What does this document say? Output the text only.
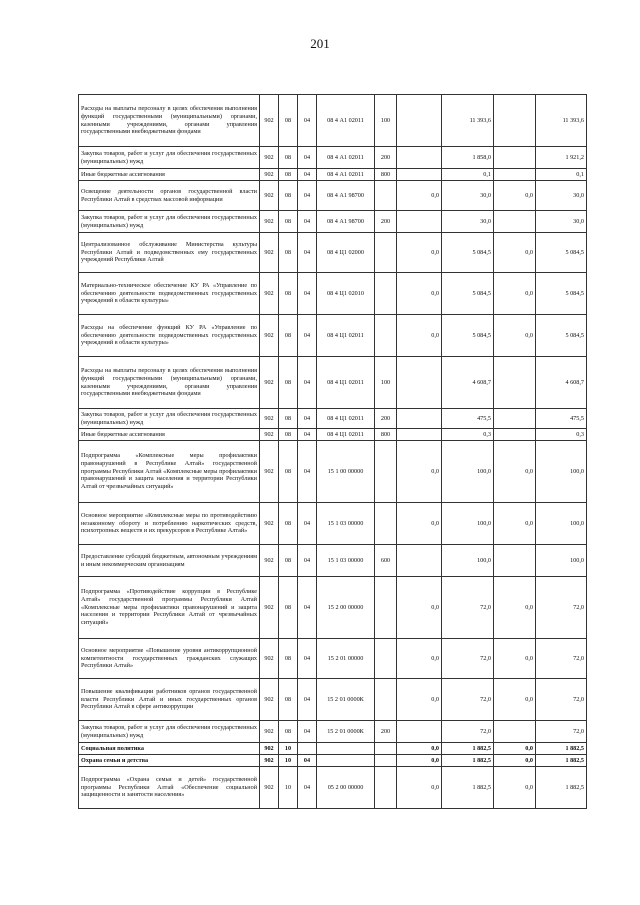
201
Расходы на выплаты персоналу в целях обеспечения выполнения функций государственными (муниципальными) органами, казенными учреждениями, органами управления государственными внебюджетными фондами	902	08	04	08 4 А1 02011	100		11 393,6		11 393,6
Закупка товаров, работ и услуг для обеспечения государственных (муниципальных) нужд	902	08	04	08 4 А1 02011	200		1 858,0		1 921,2
Иные бюджетные ассигнования	902	08	04	08 4 А1 02011	800		0,1		0,1
Освещение деятельности органов государственной власти Республики Алтай в средствах массовой информации	902	08	04	08 4 А1 98700		0,0	30,0	0,0	30,0
Закупка товаров, работ и услуг для обеспечения государственных (муниципальных) нужд	902	08	04	08 4 А1 98700	200		30,0		30,0
Централизованное обслуживание Министерства культуры Республики Алтай и подведомственных ему государственных учреждений Республики Алтай	902	08	04	08 4 Ц1 02000		0,0	5 084,5	0,0	5 084,5
Материально-техническое обеспечение КУ РА «Управление по обеспечению деятельности подведомственных государственных учреждений в области культуры»	902	08	04	08 4 Ц1 02010		0,0	5 084,5	0,0	5 084,5
Расходы на обеспечение функций КУ РА «Управление по обеспечению деятельности подведомственных государственных учреждений в области культуры»	902	08	04	08 4 Ц1 02011		0,0	5 084,5	0,0	5 084,5
Расходы на выплаты персоналу в целях обеспечения выполнения функций государственными (муниципальными) органами, казенными учреждениями, органами управления государственными внебюджетными фондами	902	08	04	08 4 Ц1 02011	100		4 608,7		4 608,7
Закупка товаров, работ и услуг для обеспечения государственных (муниципальных) нужд	902	08	04	08 4 Ц1 02011	200		475,5		475,5
Иные бюджетные ассигнования	902	08	04	08 4 Ц1 02011	800		0,3		0,3
Подпрограмма «Комплексные меры профилактики правонарушений в Республике Алтай» государственной программы Республики Алтай «Комплексные меры профилактики правонарушений и защита населения и территории Республики Алтай от чрезвычайных ситуаций»	902	08	04	15 1 00 00000		0,0	100,0	0,0	100,0
Основное мероприятие «Комплексные меры по противодействию незаконному обороту и потреблению наркотических средств, психотропных веществ и их прекурсоров в Республике Алтай»	902	08	04	15 1 03 00000		0,0	100,0	0,0	100,0
Предоставление субсидий бюджетным, автономным учреждениям и иным некоммерческим организациям	902	08	04	15 1 03 00000	600		100,0		100,0
Подпрограмма «Противодействие коррупции в Республике Алтай» государственной программы Республики Алтай «Комплексные меры профилактики правонарушений и защита населения и территории Республики Алтай от чрезвычайных ситуаций»	902	08	04	15 2 00 00000		0,0	72,0	0,0	72,0
Основное мероприятие «Повышение уровня антикоррупционной компетентности государственных гражданских служащих Республики Алтай»	902	08	04	15 2 01 00000		0,0	72,0	0,0	72,0
Повышение квалификации работников органов государственной власти Республики Алтай и иных государственных органов Республики Алтай в сфере антикоррупции	902	08	04	15 2 01 0000К		0,0	72,0	0,0	72,0
Закупка товаров, работ и услуг для обеспечения государственных (муниципальных) нужд	902	08	04	15 2 01 0000К	200		72,0		72,0
Социальная политика	902	10				0,0	1 882,5	0,0	1 882,5
Охрана семьи и детства	902	10	04			0,0	1 882,5	0,0	1 882,5
Подпрограмма «Охрана семьи и детей» государственной программы Республики Алтай «Обеспечение социальной защищенности и занятости населения»	902	10	04	05 2 00 00000		0,0	1 882,5	0,0	1 882,5
